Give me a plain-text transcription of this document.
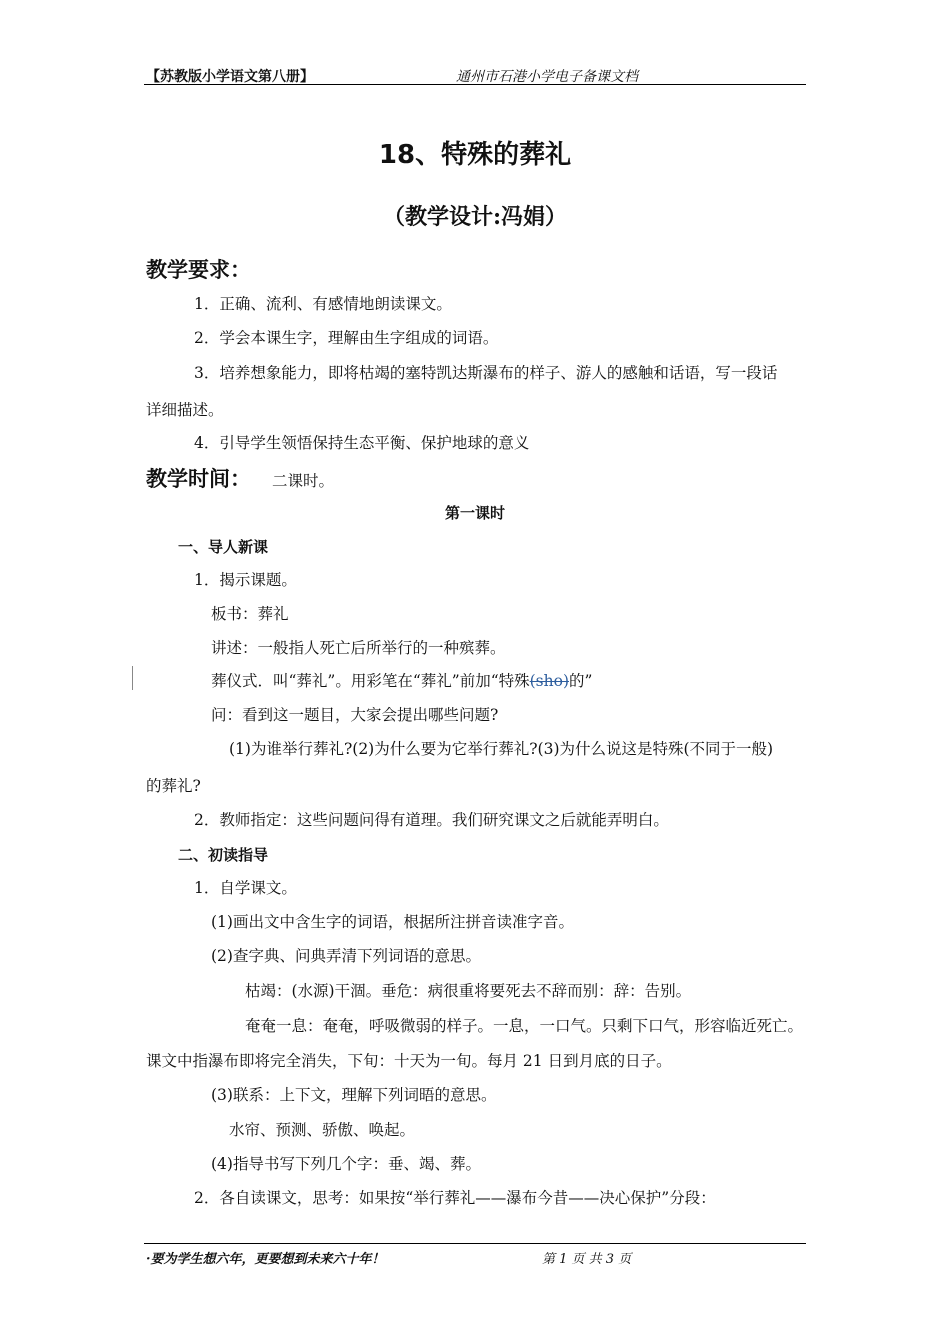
【苏教版小学语文第八册】	通州市石港小学电子备课文档
18、特殊的葬礼
（教学设计:冯娟）
教学要求：
1．正确、流利、有感情地朗读课文。
2．学会本课生字，理解由生字组成的词语。
3．培养想象能力，即将枯竭的塞特凯达斯瀑布的样子、游人的感触和话语，写一段话
详细描述。
4．引导学生领悟保持生态平衡、保护地球的意义
教学时间： 二课时。
第一课时
一、导人新课
1．揭示课题。
板书：葬礼
讲述：一般指人死亡后所举行的一种殡葬。
葬仪式．叫“葬礼”。用彩笔在“葬礼”前加“特殊(sho)的”
问：看到这一题目，大家会提出哪些问题?
(1)为谁举行葬礼?(2)为什么要为它举行葬礼?(3)为什么说这是特殊(不同于一般)
的葬礼?
2．教师指定：这些问题问得有道理。我们研究课文之后就能弄明白。
二、初读指导
1．自学课文。
(1)画出文中含生字的词语，根据所注拼音读准字音。
(2)查字典、问典弄清下列词语的意思。
枯竭：(水源)干涸。垂危：病很重将要死去不辞而别：辞：告别。
奄奄一息：奄奄，呼吸微弱的样子。一息，一口气。只剩下口气，形容临近死亡。
课文中指瀑布即将完全消失，下旬：十天为一旬。每月 21 日到月底的日子。
(3)联系：上下文，理解下列词晤的意思。
水帘、预测、骄傲、唤起。
(4)指导书写下列几个字：垂、竭、葬。
2．各自读课文，思考：如果按“举行葬礼——瀑布今昔——决心保护”分段：
·要为学生想六年，更要想到未来六十年！	第 1 页 共 3 页
